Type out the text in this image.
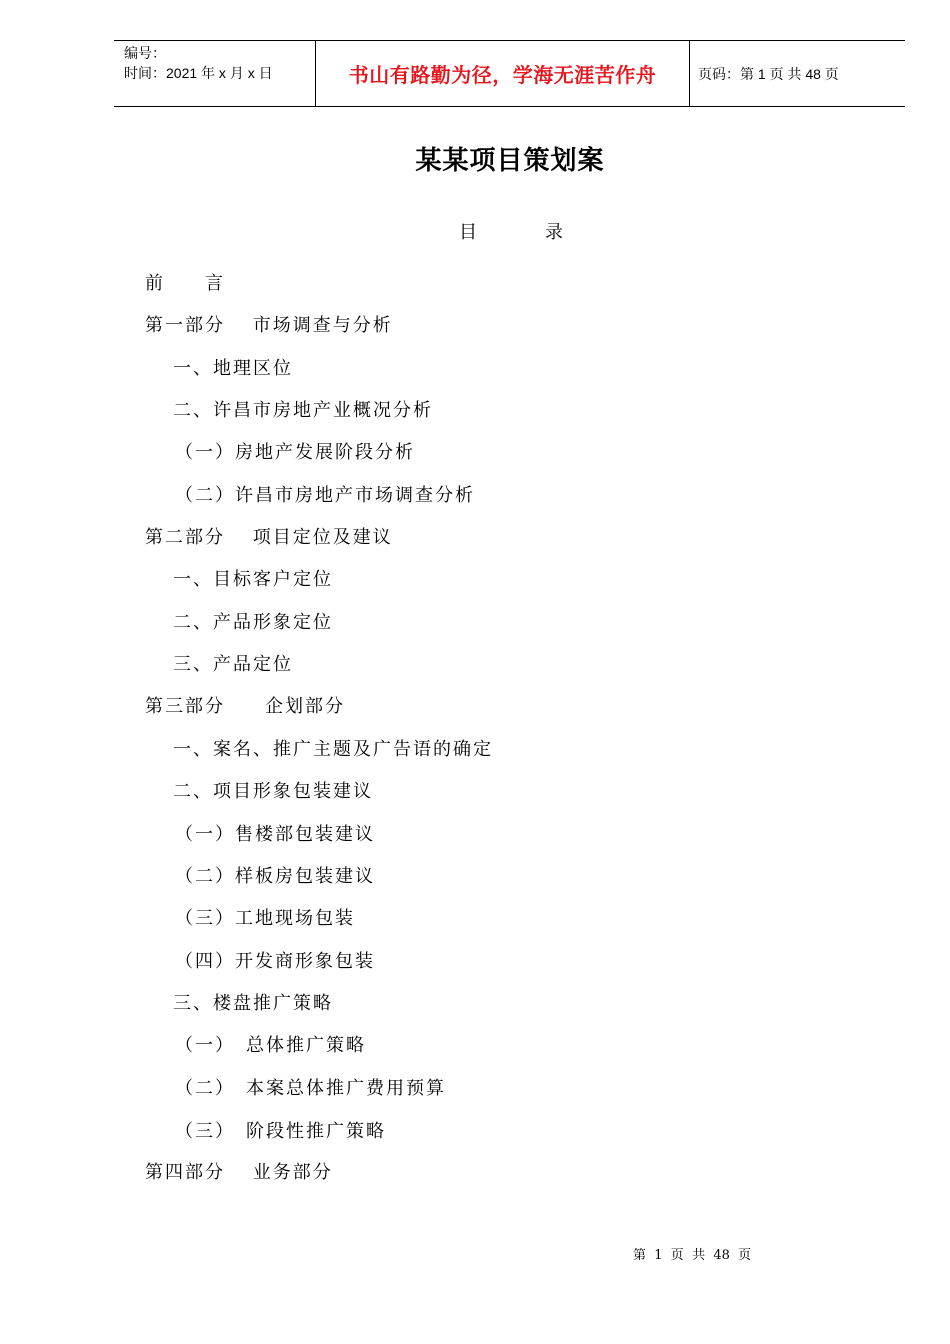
编号：
时间：2021 年 x 月 x 日	书山有路勤为径，学海无涯苦作舟	页码：第 1 页 共 48 页
某某项目策划案
目	录
前　　言
第一部分　 市场调查与分析
一、地理区位
二、许昌市房地产业概况分析
（一）房地产发展阶段分析
（二）许昌市房地产市场调查分析
第二部分　 项目定位及建议
一、目标客户定位
二、产品形象定位
三、产品定位
第三部分　　企划部分
一、案名、推广主题及广告语的确定
二、项目形象包装建议
（一）售楼部包装建议
（二）样板房包装建议
（三）工地现场包装
（四）开发商形象包装
三、楼盘推广策略
（一）　总体推广策略
（二）　本案总体推广费用预算
（三）　阶段性推广策略
第四部分　 业务部分
第  1  页  共  48  页
